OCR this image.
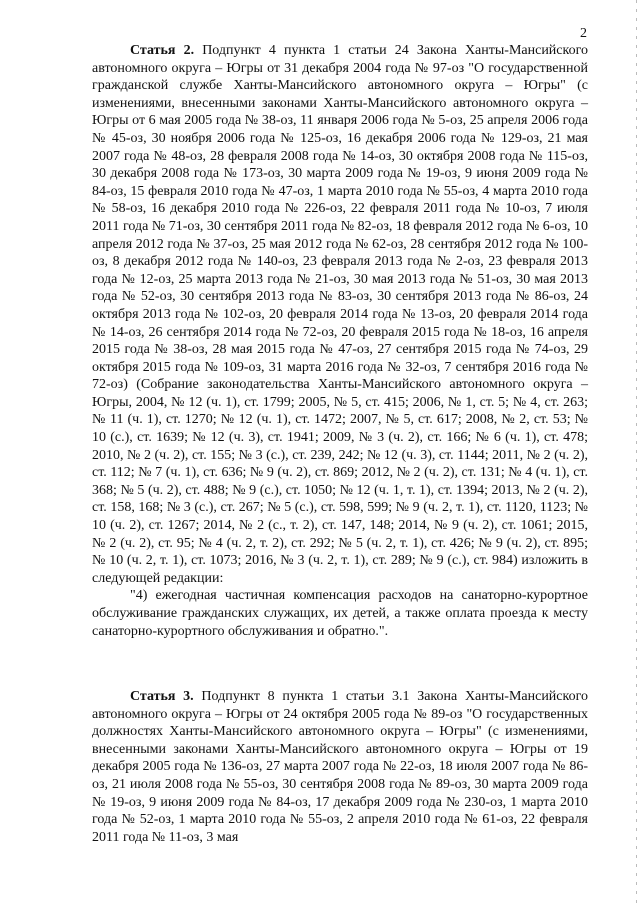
2

Статья 2. Подпункт 4 пункта 1 статьи 24 Закона Ханты-Мансийского автономного округа – Югры от 31 декабря 2004 года № 97-оз "О государственной гражданской службе Ханты-Мансийского автономного округа – Югры" (с изменениями, внесенными законами Ханты-Мансийского автономного округа – Югры от 6 мая 2005 года № 38-оз, 11 января 2006 года № 5-оз, 25 апреля 2006 года № 45-оз, 30 ноября 2006 года № 125-оз, 16 декабря 2006 года № 129-оз, 21 мая 2007 года № 48-оз, 28 февраля 2008 года № 14-оз, 30 октября 2008 года № 115-оз, 30 декабря 2008 года № 173-оз, 30 марта 2009 года № 19-оз, 9 июня 2009 года № 84-оз, 15 февраля 2010 года № 47-оз, 1 марта 2010 года № 55-оз, 4 марта 2010 года № 58-оз, 16 декабря 2010 года № 226-оз, 22 февраля 2011 года № 10-оз, 7 июля 2011 года № 71-оз, 30 сентября 2011 года № 82-оз, 18 февраля 2012 года № 6-оз, 10 апреля 2012 года № 37-оз, 25 мая 2012 года № 62-оз, 28 сентября 2012 года № 100-оз, 8 декабря 2012 года № 140-оз, 23 февраля 2013 года № 2-оз, 23 февраля 2013 года № 12-оз, 25 марта 2013 года № 21-оз, 30 мая 2013 года № 51-оз, 30 мая 2013 года № 52-оз, 30 сентября 2013 года № 83-оз, 30 сентября 2013 года № 86-оз, 24 октября 2013 года № 102-оз, 20 февраля 2014 года № 13-оз, 20 февраля 2014 года № 14-оз, 26 сентября 2014 года № 72-оз, 20 февраля 2015 года № 18-оз, 16 апреля 2015 года № 38-оз, 28 мая 2015 года № 47-оз, 27 сентября 2015 года № 74-оз, 29 октября 2015 года № 109-оз, 31 марта 2016 года № 32-оз, 7 сентября 2016 года № 72-оз) (Собрание законодательства Ханты-Мансийского автономного округа – Югры, 2004, № 12 (ч. 1), ст. 1799; 2005, № 5, ст. 415; 2006, № 1, ст. 5; № 4, ст. 263; № 11 (ч. 1), ст. 1270; № 12 (ч. 1), ст. 1472; 2007, № 5, ст. 617; 2008, № 2, ст. 53; № 10 (с.), ст. 1639; № 12 (ч. 3), ст. 1941; 2009, № 3 (ч. 2), ст. 166; № 6 (ч. 1), ст. 478; 2010, № 2 (ч. 2), ст. 155; № 3 (с.), ст. 239, 242; № 12 (ч. 3), ст. 1144; 2011, № 2 (ч. 2), ст. 112; № 7 (ч. 1), ст. 636; № 9 (ч. 2), ст. 869; 2012, № 2 (ч. 2), ст. 131; № 4 (ч. 1), ст. 368; № 5 (ч. 2), ст. 488; № 9 (с.), ст. 1050; № 12 (ч. 1, т. 1), ст. 1394; 2013, № 2 (ч. 2), ст. 158, 168; № 3 (с.), ст. 267; № 5 (с.), ст. 598, 599; № 9 (ч. 2, т. 1), ст. 1120, 1123; № 10 (ч. 2), ст. 1267; 2014, № 2 (с., т. 2), ст. 147, 148; 2014, № 9 (ч. 2), ст. 1061; 2015, № 2 (ч. 2), ст. 95; № 4 (ч. 2, т. 2), ст. 292; № 5 (ч. 2, т. 1), ст. 426; № 9 (ч. 2), ст. 895; № 10 (ч. 2, т. 1), ст. 1073; 2016, № 3 (ч. 2, т. 1), ст. 289; № 9 (с.), ст. 984) изложить в следующей редакции:

"4) ежегодная частичная компенсация расходов на санаторно-курортное обслуживание гражданских служащих, их детей, а также оплата проезда к месту санаторно-курортного обслуживания и обратно.".

Статья 3. Подпункт 8 пункта 1 статьи 3.1 Закона Ханты-Мансийского автономного округа – Югры от 24 октября 2005 года № 89-оз "О государственных должностях Ханты-Мансийского автономного округа – Югры" (с изменениями, внесенными законами Ханты-Мансийского автономного округа – Югры от 19 декабря 2005 года № 136-оз, 27 марта 2007 года № 22-оз, 18 июля 2007 года № 86-оз, 21 июля 2008 года № 55-оз, 30 сентября 2008 года № 89-оз, 30 марта 2009 года № 19-оз, 9 июня 2009 года № 84-оз, 17 декабря 2009 года № 230-оз, 1 марта 2010 года № 52-оз, 1 марта 2010 года № 55-оз, 2 апреля 2010 года № 61-оз, 22 февраля 2011 года № 11-оз, 3 мая
